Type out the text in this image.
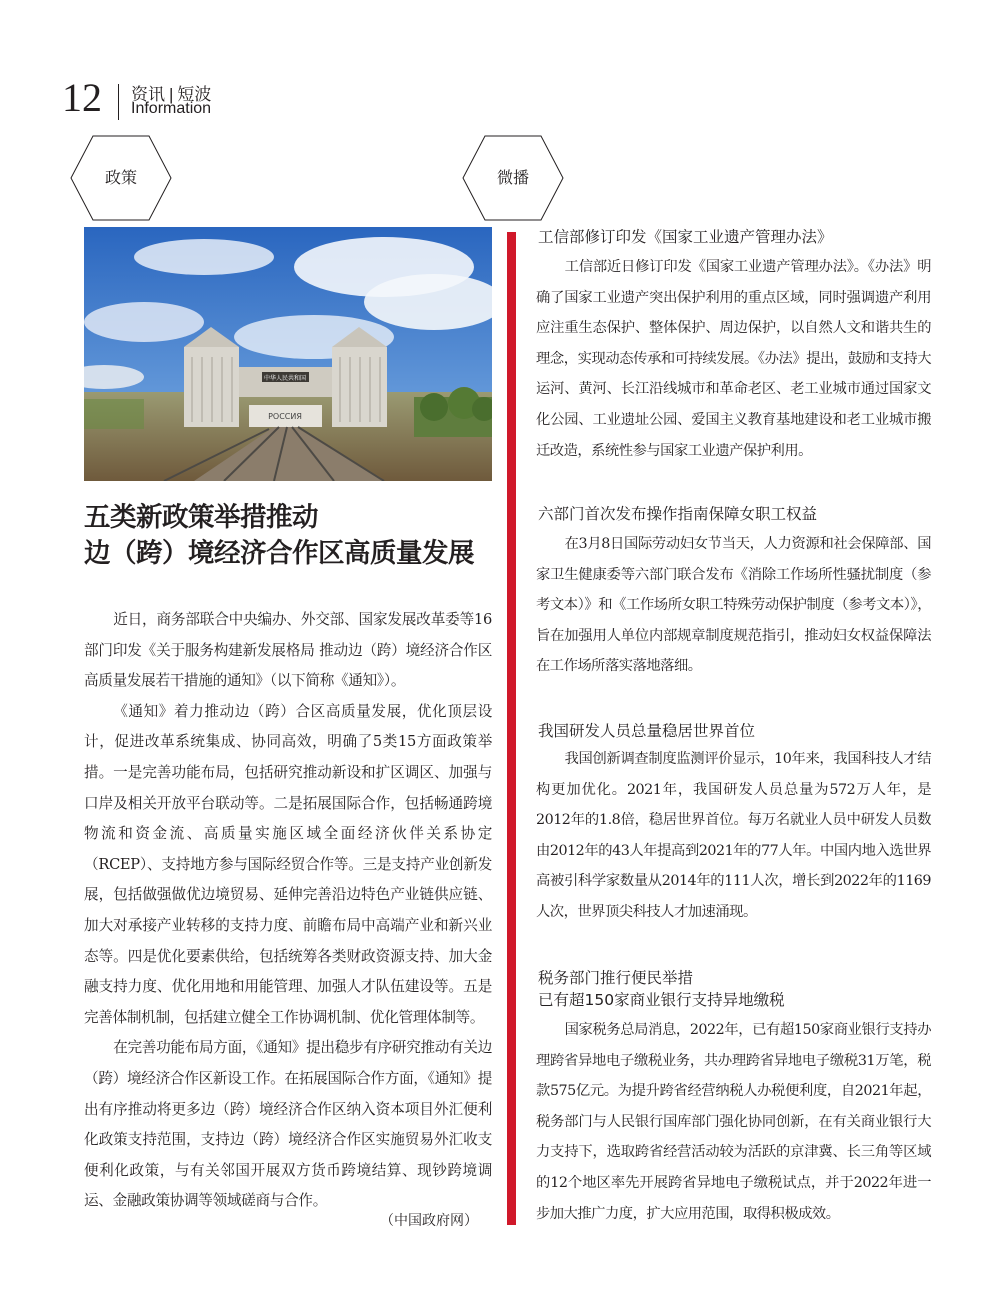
12 资讯 | 短波
Information
政策	微播
中华人民共和国
РОССИЯ
五类新政策举措推动
边（跨）境经济合作区高质量发展

近日，商务部联合中央编办、外交部、国家发展改革委等16部门印发《关于服务构建新发展格局 推动边（跨）境经济合作区高质量发展若干措施的通知》（以下简称《通知》）。

《通知》着力推动边（跨）合区高质量发展，优化顶层设计，促进改革系统集成、协同高效，明确了5类15方面政策举措。一是完善功能布局，包括研究推动新设和扩区调区、加强与口岸及相关开放平台联动等。二是拓展国际合作，包括畅通跨境物流和资金流、高质量实施区域全面经济伙伴关系协定（RCEP）、支持地方参与国际经贸合作等。三是支持产业创新发展，包括做强做优边境贸易、延伸完善沿边特色产业链供应链、加大对承接产业转移的支持力度、前瞻布局中高端产业和新兴业态等。四是优化要素供给，包括统筹各类财政资源支持、加大金融支持力度、优化用地和用能管理、加强人才队伍建设等。五是完善体制机制，包括建立健全工作协调机制、优化管理体制等。

在完善功能布局方面，《通知》提出稳步有序研究推动有关边（跨）境经济合作区新设工作。在拓展国际合作方面，《通知》提出有序推动将更多边（跨）境经济合作区纳入资本项目外汇便利化政策支持范围，支持边（跨）境经济合作区实施贸易外汇收支便利化政策，与有关邻国开展双方货币跨境结算、现钞跨境调运、金融政策协调等领域磋商与合作。

（中国政府网）
工信部修订印发《国家工业遗产管理办法》

工信部近日修订印发《国家工业遗产管理办法》。《办法》明确了国家工业遗产突出保护利用的重点区域，同时强调遗产利用应注重生态保护、整体保护、周边保护，以自然人文和谐共生的理念，实现动态传承和可持续发展。《办法》提出，鼓励和支持大运河、黄河、长江沿线城市和革命老区、老工业城市通过国家文化公园、工业遗址公园、爱国主义教育基地建设和老工业城市搬迁改造，系统性参与国家工业遗产保护利用。

六部门首次发布操作指南保障女职工权益

在3月8日国际劳动妇女节当天，人力资源和社会保障部、国家卫生健康委等六部门联合发布《消除工作场所性骚扰制度（参考文本）》和《工作场所女职工特殊劳动保护制度（参考文本）》，旨在加强用人单位内部规章制度规范指引，推动妇女权益保障法在工作场所落实落地落细。

我国研发人员总量稳居世界首位

我国创新调查制度监测评价显示，10年来，我国科技人才结构更加优化。2021年，我国研发人员总量为572万人年，是2012年的1.8倍，稳居世界首位。每万名就业人员中研发人员数由2012年的43人年提高到2021年的77人年。中国内地入选世界高被引科学家数量从2014年的111人次，增长到2022年的1169人次，世界顶尖科技人才加速涌现。

税务部门推行便民举措
已有超150家商业银行支持异地缴税

国家税务总局消息，2022年，已有超150家商业银行支持办理跨省异地电子缴税业务，共办理跨省异地电子缴税31万笔，税款575亿元。为提升跨省经营纳税人办税便利度，自2021年起，税务部门与人民银行国库部门强化协同创新，在有关商业银行大力支持下，选取跨省经营活动较为活跃的京津冀、长三角等区域的12个地区率先开展跨省异地电子缴税试点，并于2022年进一步加大推广力度，扩大应用范围，取得积极成效。
